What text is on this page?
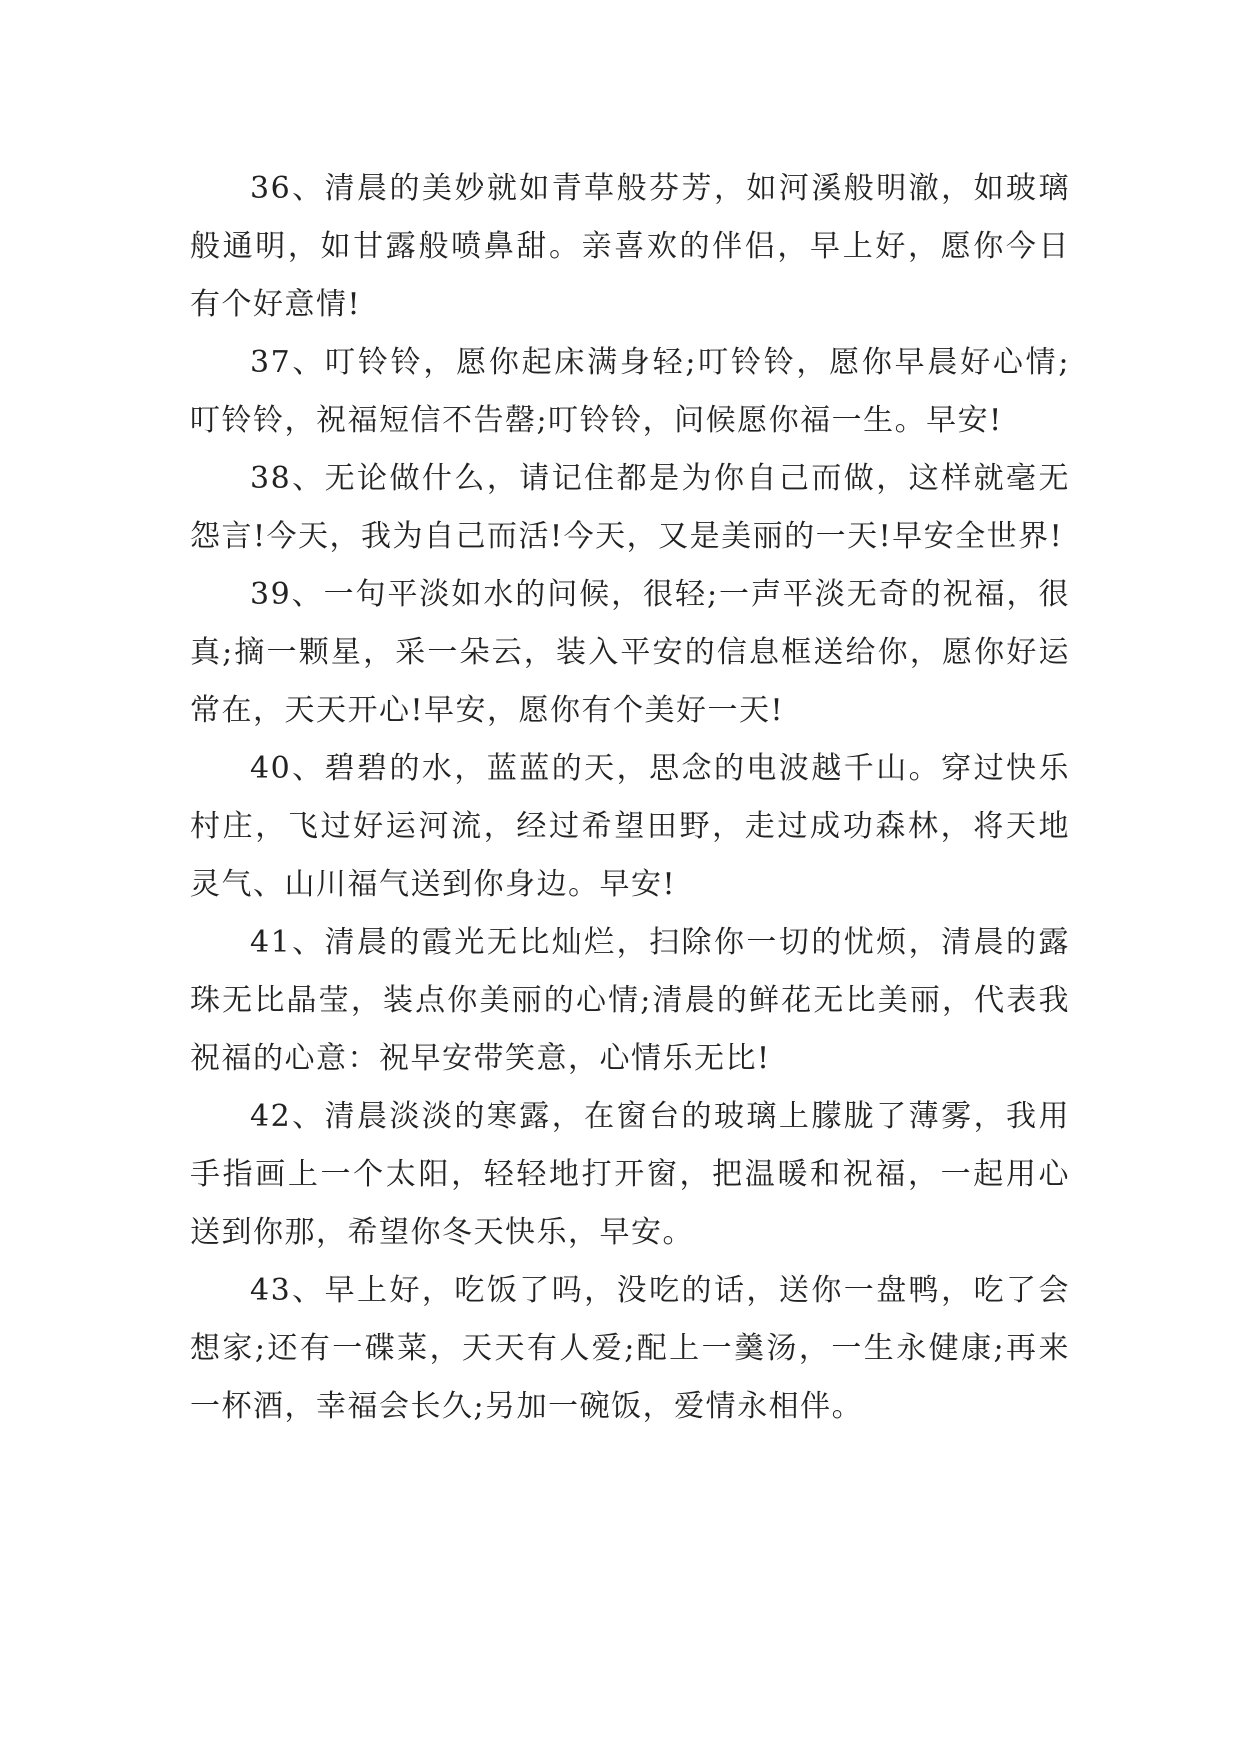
36、清晨的美妙就如青草般芬芳，如河溪般明澈，如玻璃般通明，如甘露般喷鼻甜。亲喜欢的伴侣，早上好，愿你今日有个好意情!

37、叮铃铃，愿你起床满身轻;叮铃铃，愿你早晨好心情;叮铃铃，祝福短信不告罄;叮铃铃，问候愿你福一生。早安!

38、无论做什么，请记住都是为你自己而做，这样就毫无怨言!今天，我为自己而活!今天，又是美丽的一天!早安全世界!

39、一句平淡如水的问候，很轻;一声平淡无奇的祝福，很真;摘一颗星，采一朵云，装入平安的信息框送给你，愿你好运常在，天天开心!早安，愿你有个美好一天!

40、碧碧的水，蓝蓝的天，思念的电波越千山。穿过快乐村庄，飞过好运河流，经过希望田野，走过成功森林，将天地灵气、山川福气送到你身边。早安!

41、清晨的霞光无比灿烂，扫除你一切的忧烦，清晨的露珠无比晶莹，装点你美丽的心情;清晨的鲜花无比美丽，代表我祝福的心意：祝早安带笑意，心情乐无比!

42、清晨淡淡的寒露，在窗台的玻璃上朦胧了薄雾，我用手指画上一个太阳，轻轻地打开窗，把温暖和祝福，一起用心送到你那，希望你冬天快乐，早安。

43、早上好，吃饭了吗，没吃的话，送你一盘鸭，吃了会想家;还有一碟菜，天天有人爱;配上一羹汤，一生永健康;再来一杯酒，幸福会长久;另加一碗饭，爱情永相伴。
